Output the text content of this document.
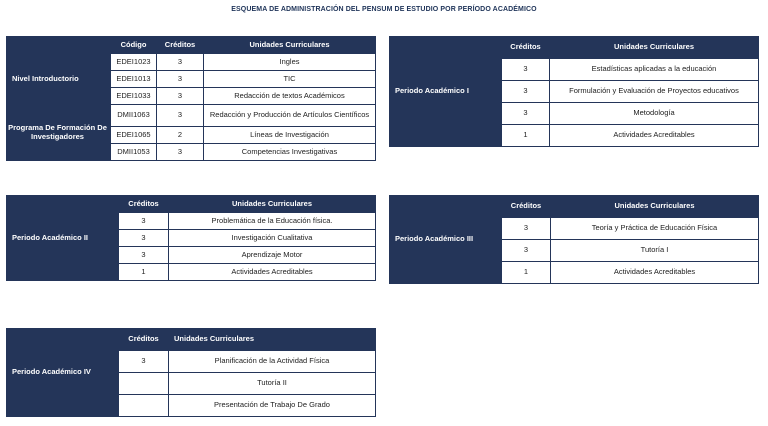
ESQUEMA DE ADMINISTRACIÓN DEL PENSUM DE ESTUDIO POR PERÍODO ACADÉMICO
	Código	Créditos	Unidades Curriculares
Nivel Introductorio	EDEI1023	3	Ingles
	EDEI1013	3	TIC
	EDEI1033	3	Redacción de textos Académicos
Programa De Formación De Investigadores	DMII1063	3	Redacción y Producción de Artículos Científicos
	EDEI1065	2	Líneas de Investigación
	DMII1053	3	Competencias Investigativas
Periodo Académico I	Créditos	Unidades Curriculares
	3	Estadísticas aplicadas a la educación
	3	Formulación y Evaluación de Proyectos educativos
	3	Metodología
	1	Actividades Acreditables
Periodo Académico II	Créditos	Unidades Curriculares
	3	Problemática de la Educación física.
	3	Investigación Cualitativa
	3	Aprendizaje Motor
	1	Actividades Acreditables
Periodo Académico III	Créditos	Unidades Curriculares
	3	Teoría y Práctica de Educación Física
	3	Tutoría I
	1	Actividades Acreditables
Periodo Académico IV	Créditos	Unidades Curriculares
	3	Planificación de la Actividad Física
		Tutoría II
		Presentación de Trabajo De Grado
